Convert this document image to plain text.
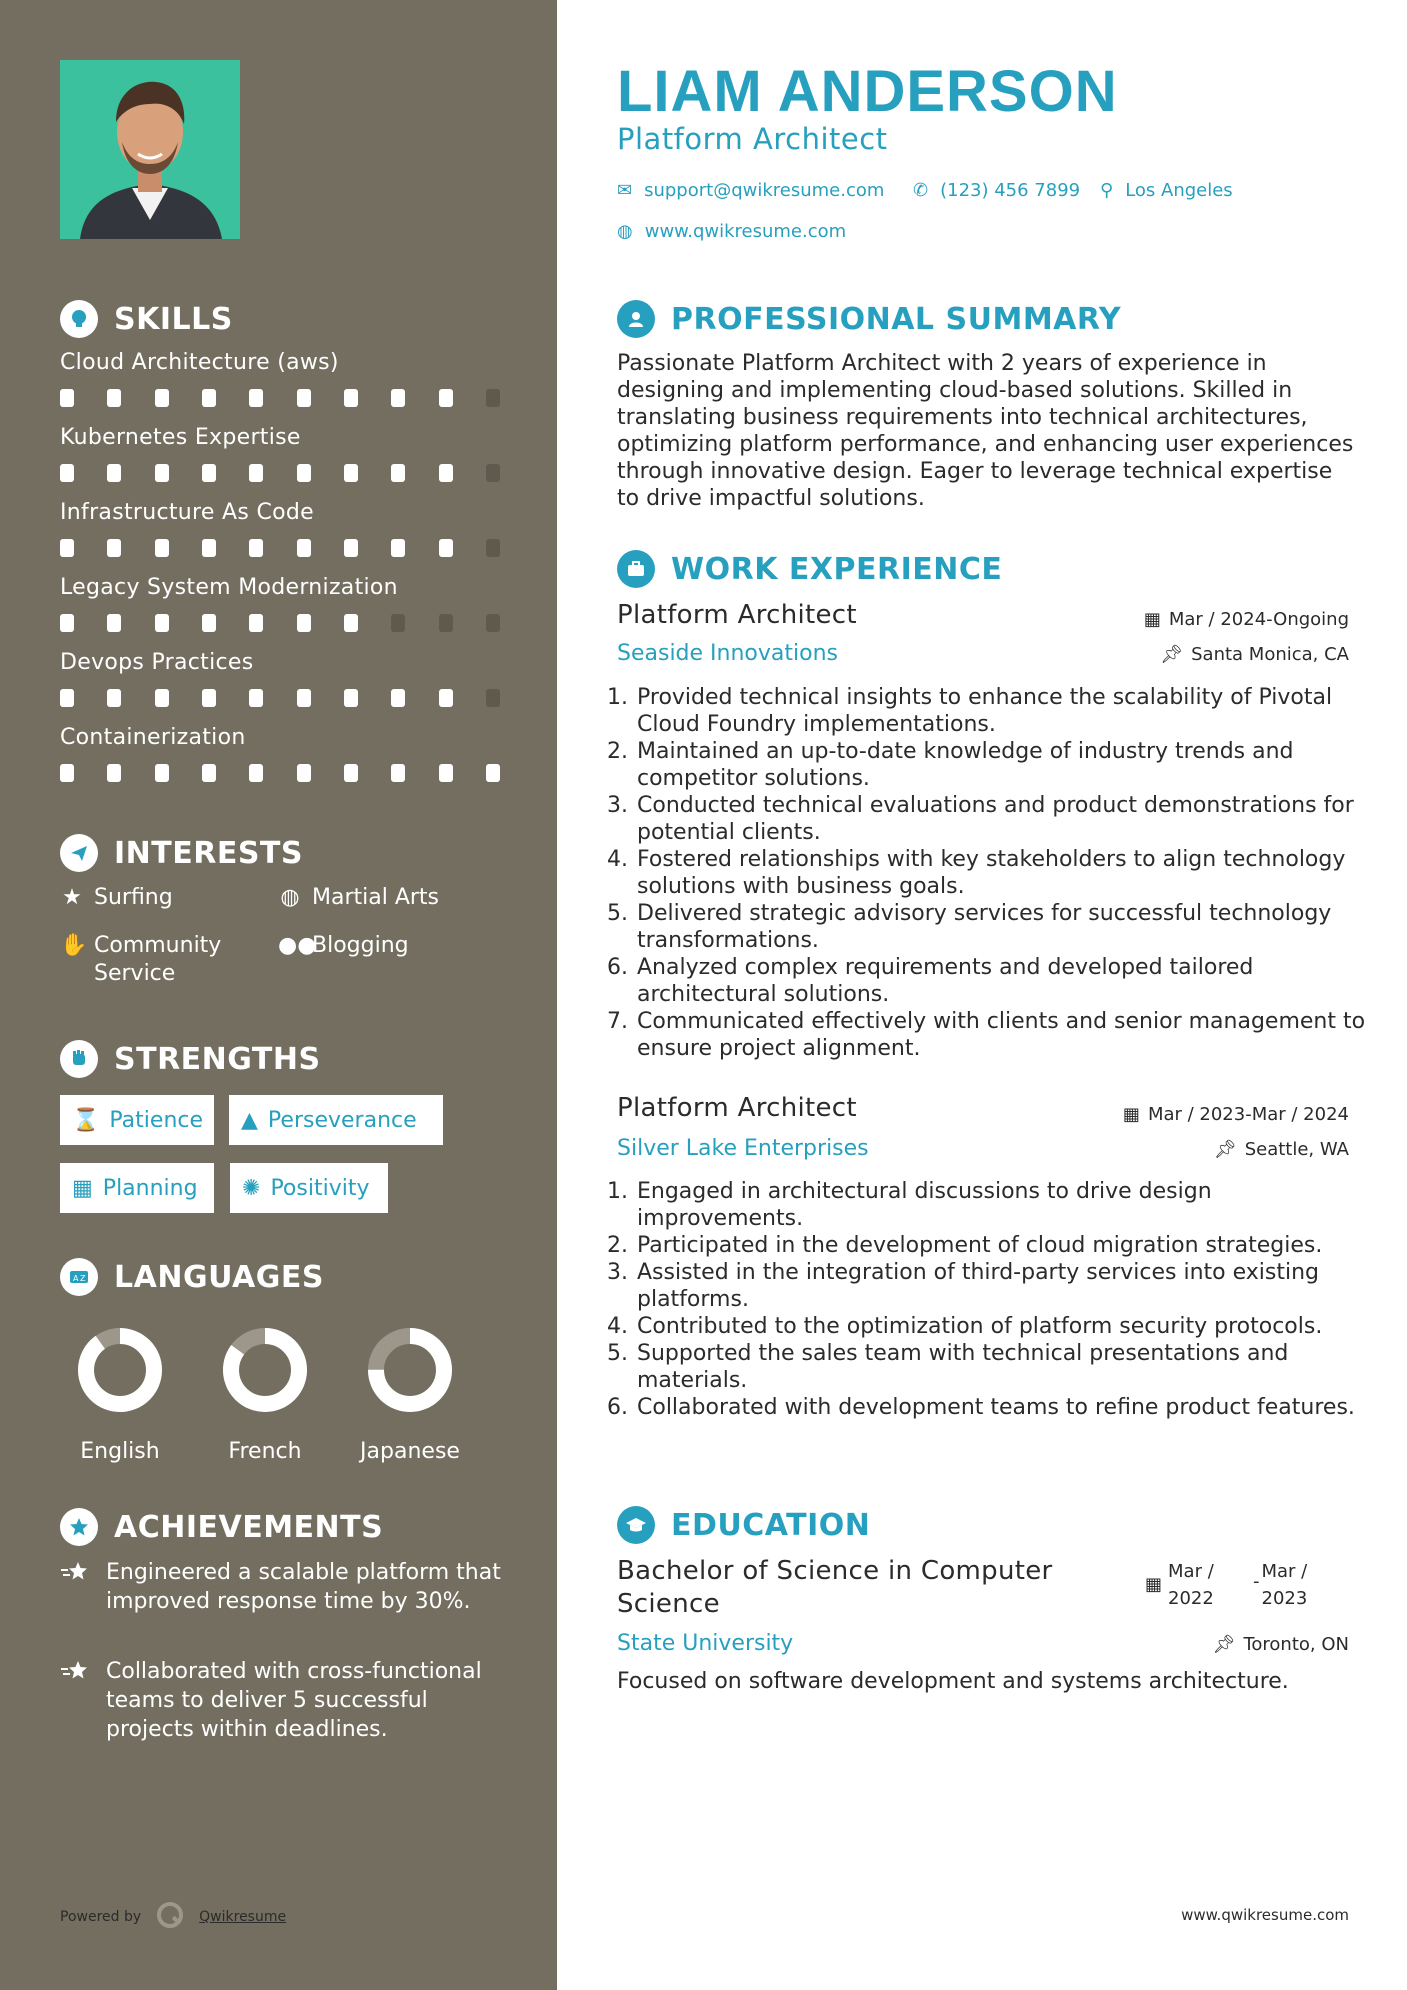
SKILLS
Cloud Architecture (aws)
Kubernetes Expertise
Infrastructure As Code
Legacy System Modernization
Devops Practices
Containerization
INTERESTS
★ Surfing	◍ Martial Arts
✋ Community Service
●●
Blogging
STRENGTHS
⌛ Patience ▲ Perseverance
▦ Planning ✺ Positivity
A Z LANGUAGES
English	French	Japanese
ACHIEVEMENTS
Engineered a scalable platform that improved response time by 30%.
Collaborated with cross-functional teams to deliver 5 successful projects within deadlines.
Powered by	Qwikresume
LIAM ANDERSON
Platform Architect
✉ support@qwikresume.com ✆ (123) 456 7899 ⚲ Los Angeles
◍ www.qwikresume.com
PROFESSIONAL SUMMARY
Passionate Platform Architect with 2 years of experience in designing and implementing cloud-based solutions. Skilled in translating business requirements into technical architectures, optimizing platform performance, and enhancing user experiences through innovative design. Eager to leverage technical expertise to drive impactful solutions.
WORK EXPERIENCE
Platform Architect	▦ Mar / 2024-Ongoing
Seaside Innovations	📌︎ Santa Monica, CA
1. Provided technical insights to enhance the scalability of Pivotal Cloud Foundry implementations.
2. Maintained an up-to-date knowledge of industry trends and competitor solutions.
3. Conducted technical evaluations and product demonstrations for potential clients.
4. Fostered relationships with key stakeholders to align technology solutions with business goals.
5. Delivered strategic advisory services for successful technology transformations.
6. Analyzed complex requirements and developed tailored architectural solutions.
7. Communicated effectively with clients and senior management to ensure project alignment.
Platform Architect	▦ Mar / 2023-Mar / 2024
Silver Lake Enterprises	📌︎ Seattle, WA
1. Engaged in architectural discussions to drive design improvements.
2. Participated in the development of cloud migration strategies.
3. Assisted in the integration of third-party services into existing platforms.
4. Contributed to the optimization of platform security protocols.
5. Supported the sales team with technical presentations and materials.
6. Collaborated with development teams to refine product features.
EDUCATION
Bachelor of Science in Computer Science
▦
Mar / 2022
- Mar / 2023
State University	📌︎ Toronto, ON
Focused on software development and systems architecture.
www.qwikresume.com
